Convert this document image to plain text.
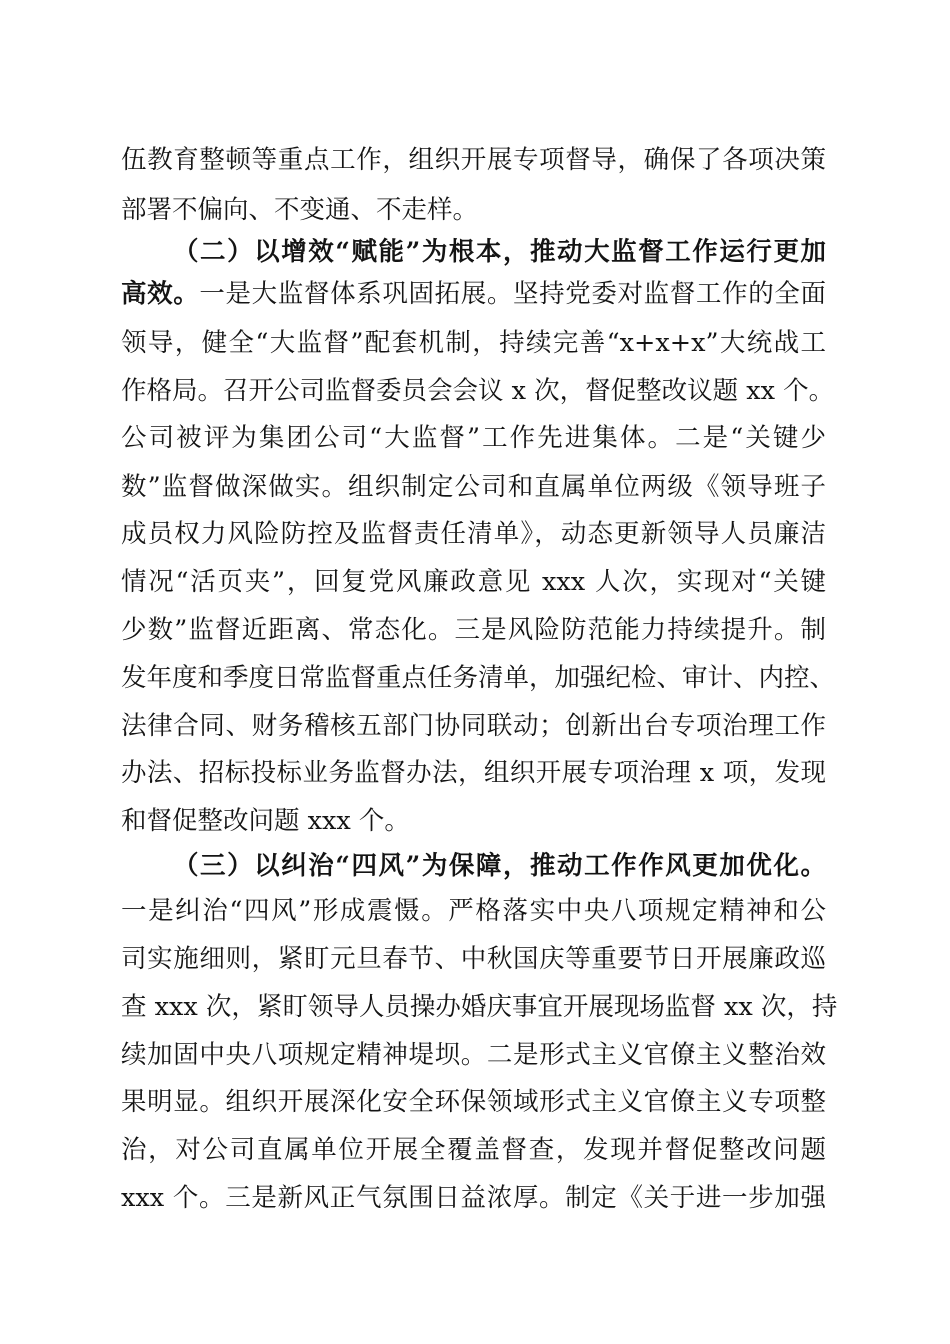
伍教育整顿等重点工作，组织开展专项督导，确保了各项决策
部署不偏向、不变通、不走样。
（二）以增效“赋能”为根本，推动大监督工作运行更加
高效。一是大监督体系巩固拓展。坚持党委对监督工作的全面
领导，健全“大监督”配套机制，持续完善“x+x+x”大统战工
作格局。召开公司监督委员会会议 x 次，督促整改议题 xx 个。
公司被评为集团公司“大监督”工作先进集体。二是“关键少
数”监督做深做实。组织制定公司和直属单位两级《领导班子
成员权力风险防控及监督责任清单》，动态更新领导人员廉洁
情况“活页夹”，回复党风廉政意见 xxx 人次，实现对“关键
少数”监督近距离、常态化。三是风险防范能力持续提升。制
发年度和季度日常监督重点任务清单，加强纪检、审计、内控、
法律合同、财务稽核五部门协同联动；创新出台专项治理工作
办法、招标投标业务监督办法，组织开展专项治理 x 项，发现
和督促整改问题 xxx 个。
（三）以纠治“四风”为保障，推动工作作风更加优化。
一是纠治“四风”形成震慑。严格落实中央八项规定精神和公
司实施细则，紧盯元旦春节、中秋国庆等重要节日开展廉政巡
查 xxx 次，紧盯领导人员操办婚庆事宜开展现场监督 xx 次，持
续加固中央八项规定精神堤坝。二是形式主义官僚主义整治效
果明显。组织开展深化安全环保领域形式主义官僚主义专项整
治，对公司直属单位开展全覆盖督查，发现并督促整改问题
xxx 个。三是新风正气氛围日益浓厚。制定《关于进一步加强
